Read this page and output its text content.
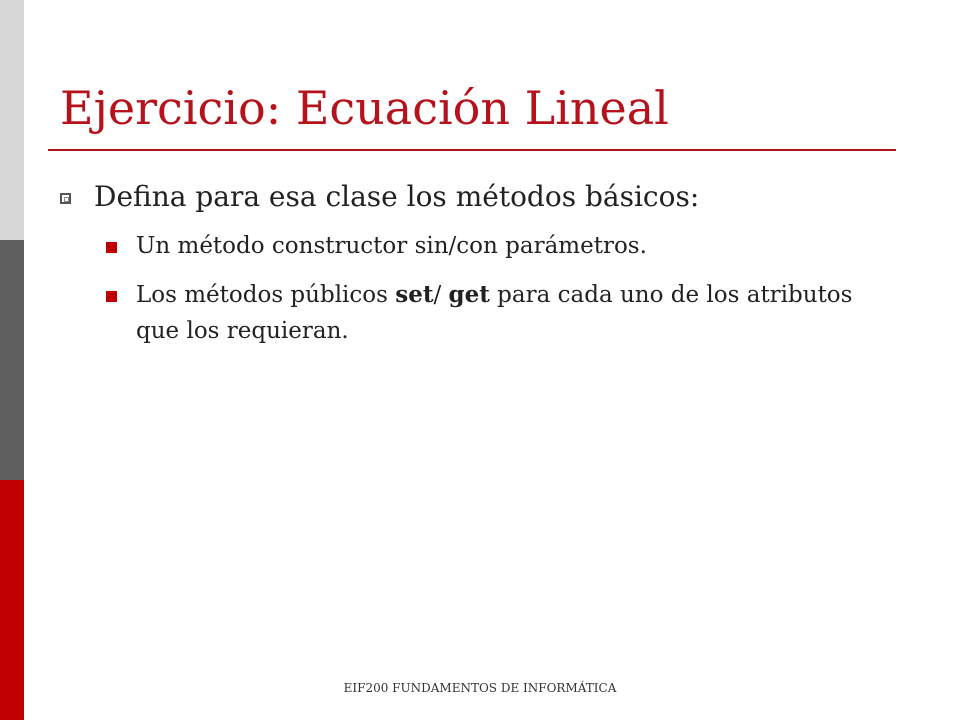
Ejercicio: Ecuación Lineal
Defina para esa clase los métodos básicos:
Un método constructor sin/con parámetros.
Los métodos públicos set/ get para cada uno de los atributos que los requieran.
EIF200 FUNDAMENTOS DE INFORMÁTICA
